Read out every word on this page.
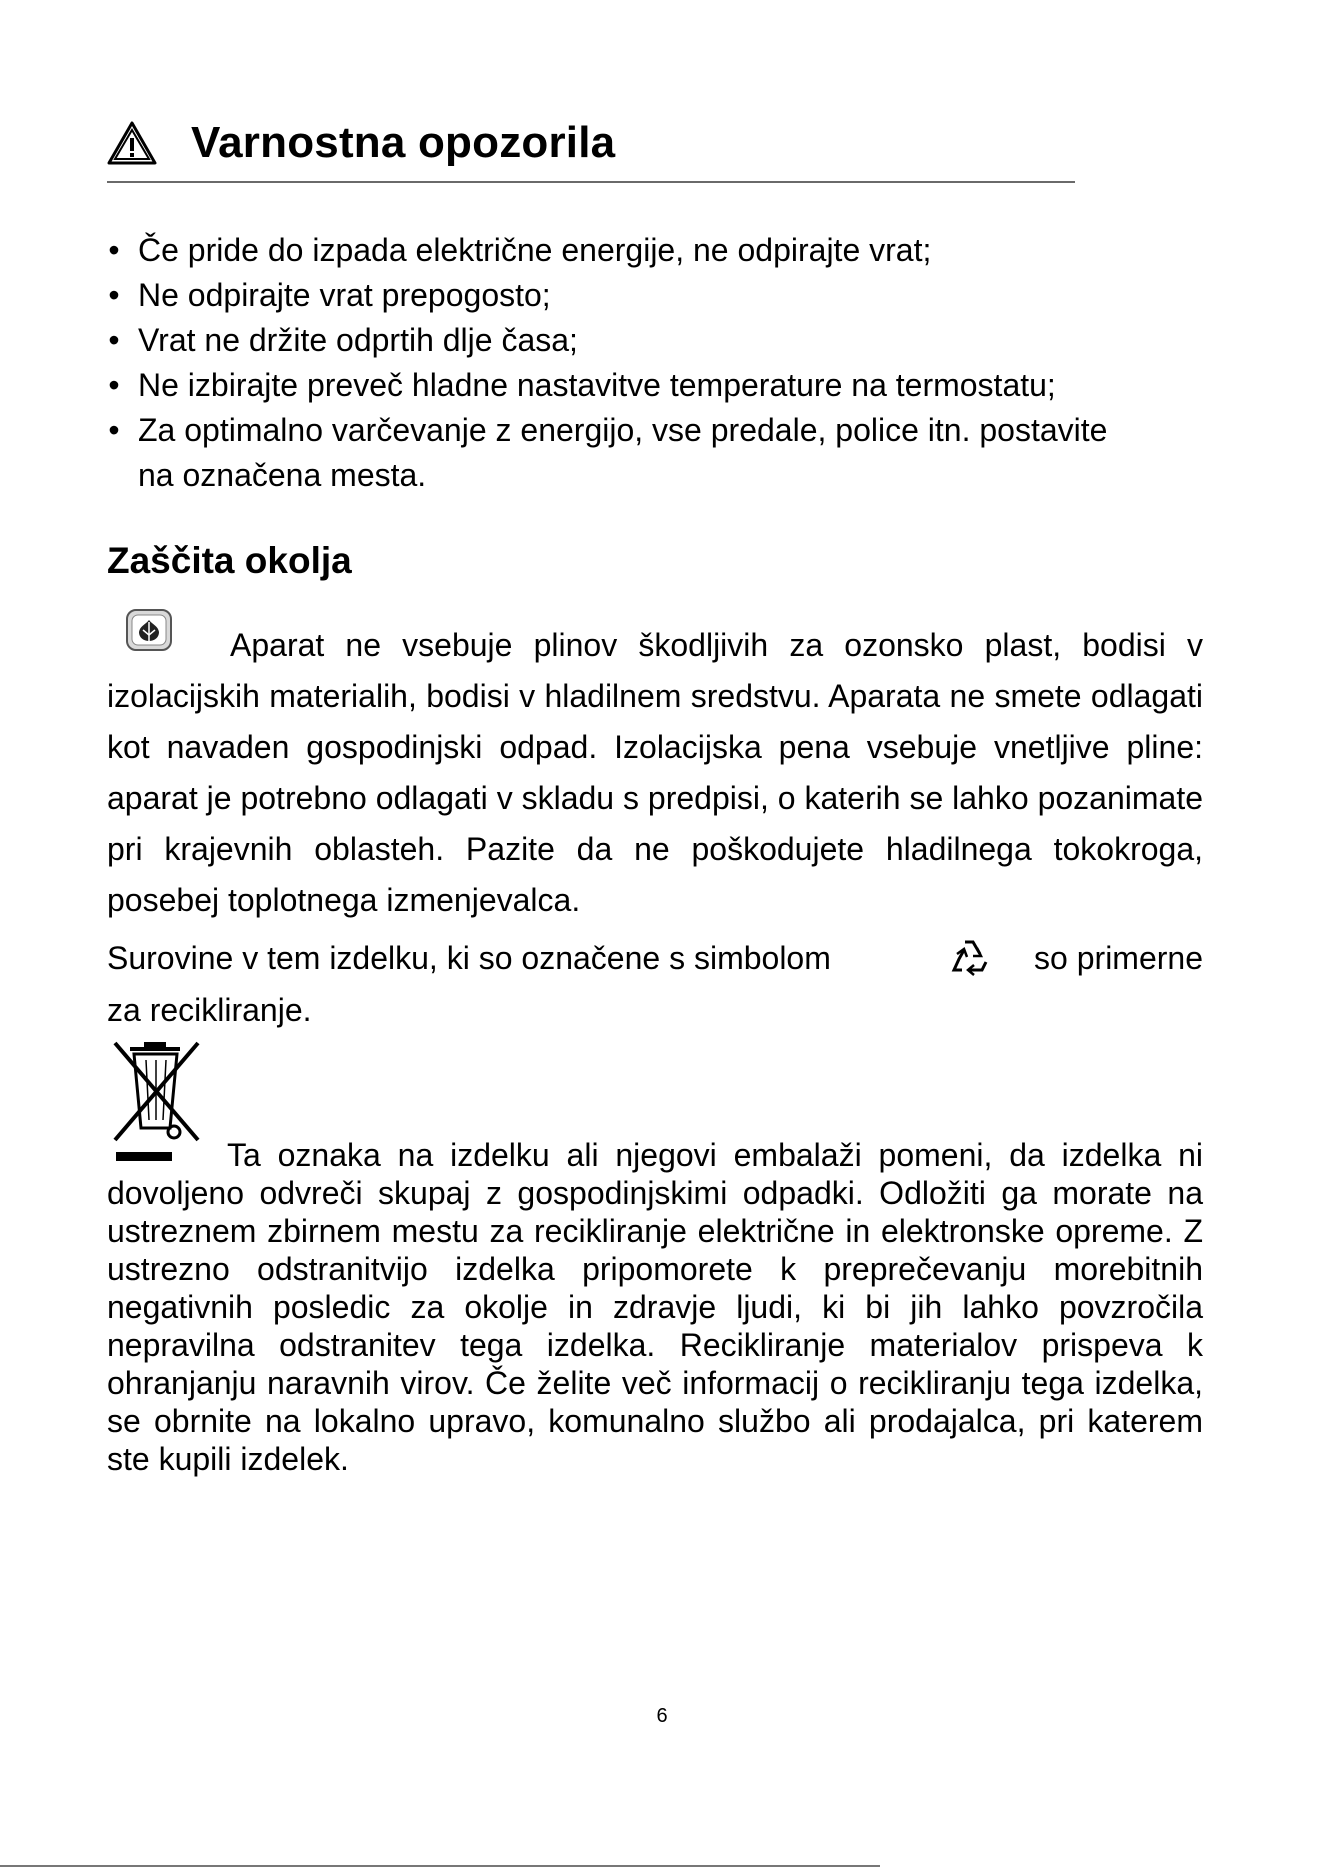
Varnostna opozorila
• Če pride do izpada električne energije, ne odpirajte vrat;
• Ne odpirajte vrat prepogosto;
• Vrat ne držite odprtih dlje časa;
• Ne izbirajte preveč hladne nastavitve temperature na termostatu;
• Za optimalno varčevanje z energijo, vse predale, police itn. postavite
na označena mesta.
Zaščita okolja

Aparat ne vsebuje plinov škodljivih za ozonsko plast, bodisi v izolacijskih materialih, bodisi v hladilnem sredstvu. Aparata ne smete odlagati kot navaden gospodinjski odpad. Izolacijska pena vsebuje vnetljive pline: aparat je potrebno odlagati v skladu s predpisi, o katerih se lahko pozanimate pri krajevnih oblasteh. Pazite da ne poškodujete hladilnega tokokroga, posebej toplotnega izmenjevalca.

Surovine v tem izdelku, ki so označene s simbolom	so primerne
za recikliranje.

Ta oznaka na izdelku ali njegovi embalaži pomeni, da izdelka ni dovoljeno odvreči skupaj z gospodinjskimi odpadki. Odložiti ga morate na ustreznem zbirnem mestu za recikliranje električne in elektronske opreme. Z ustrezno odstranitvijo izdelka pripomorete k preprečevanju morebitnih negativnih posledic za okolje in zdravje ljudi, ki bi jih lahko povzročila nepravilna odstranitev tega izdelka. Recikliranje materialov prispeva k ohranjanju naravnih virov. Če želite več informacij o recikliranju tega izdelka, se obrnite na lokalno upravo, komunalno službo ali prodajalca, pri katerem ste kupili izdelek.

6
